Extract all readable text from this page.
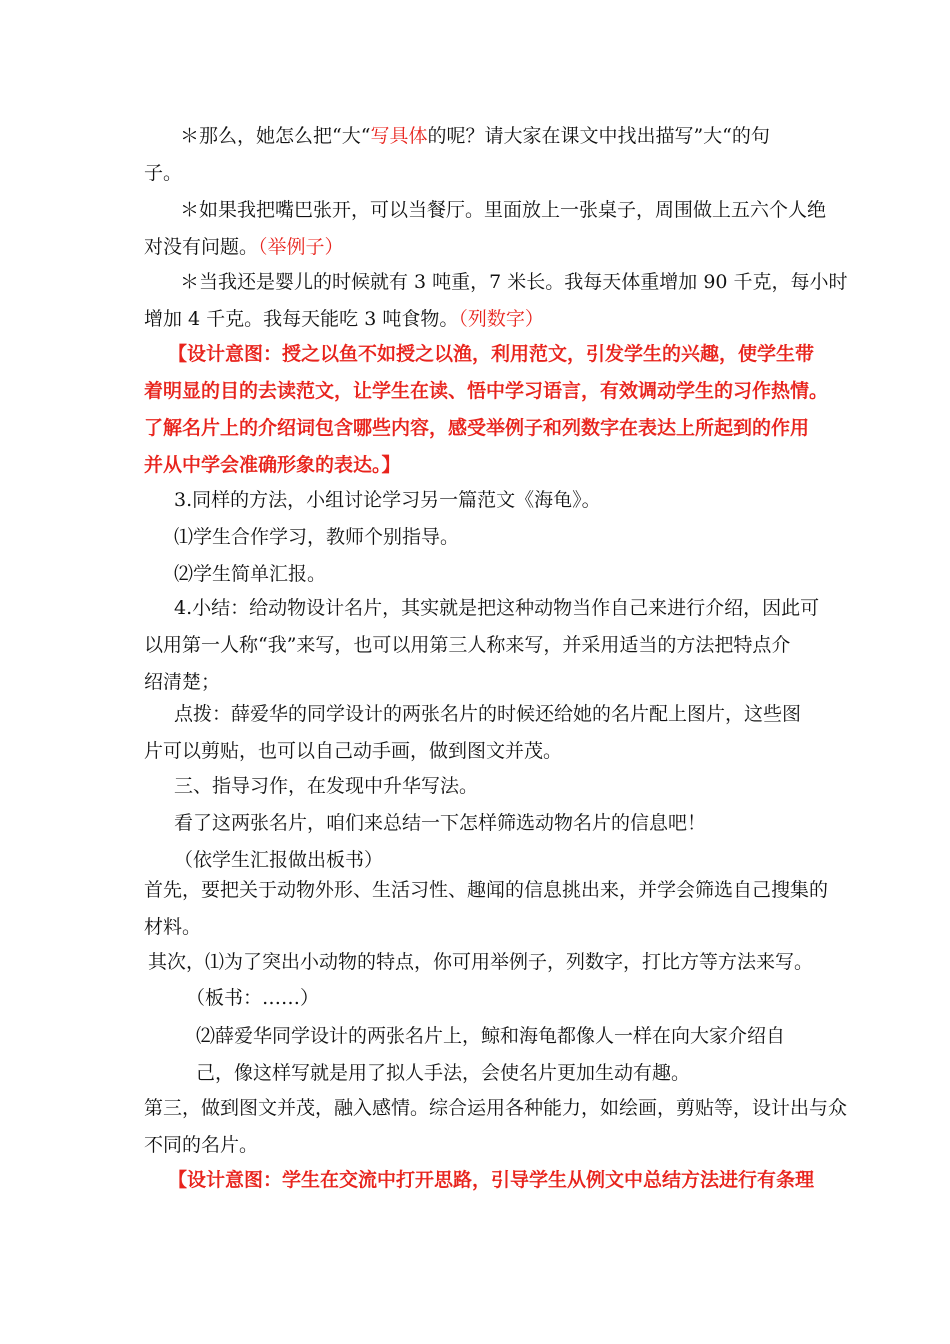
＊那么，她怎么把“大“写具体的呢？请大家在课文中找出描写”大“的句
子。
＊如果我把嘴巴张开，可以当餐厅。里面放上一张桌子，周围做上五六个人绝
对没有问题。（举例子）
＊当我还是婴儿的时候就有 3 吨重，7 米长。我每天体重增加 90 千克，每小时
增加 4 千克。我每天能吃 3 吨食物。（列数字）
【设计意图：授之以鱼不如授之以渔，利用范文，引发学生的兴趣，使学生带
着明显的目的去读范文，让学生在读、悟中学习语言，有效调动学生的习作热情。
了解名片上的介绍词包含哪些内容，感受举例子和列数字在表达上所起到的作用
并从中学会准确形象的表达。】
3.同样的方法，小组讨论学习另一篇范文《海龟》。
⑴学生合作学习，教师个别指导。
⑵学生简单汇报。
4.小结：给动物设计名片，其实就是把这种动物当作自己来进行介绍，因此可
以用第一人称“我”来写，也可以用第三人称来写，并采用适当的方法把特点介
绍清楚；
点拨：薛爱华的同学设计的两张名片的时候还给她的名片配上图片，这些图
片可以剪贴，也可以自己动手画，做到图文并茂。
三、指导习作，在发现中升华写法。
看了这两张名片，咱们来总结一下怎样筛选动物名片的信息吧！
（依学生汇报做出板书）
首先，要把关于动物外形、生活习性、趣闻的信息挑出来，并学会筛选自己搜集的
材料。
其次，⑴为了突出小动物的特点，你可用举例子，列数字，打比方等方法来写。
（板书：……）
⑵薛爱华同学设计的两张名片上，鲸和海龟都像人一样在向大家介绍自
己，像这样写就是用了拟人手法，会使名片更加生动有趣。
第三，做到图文并茂，融入感情。综合运用各种能力，如绘画，剪贴等，设计出与众
不同的名片。
【设计意图：学生在交流中打开思路，引导学生从例文中总结方法进行有条理
